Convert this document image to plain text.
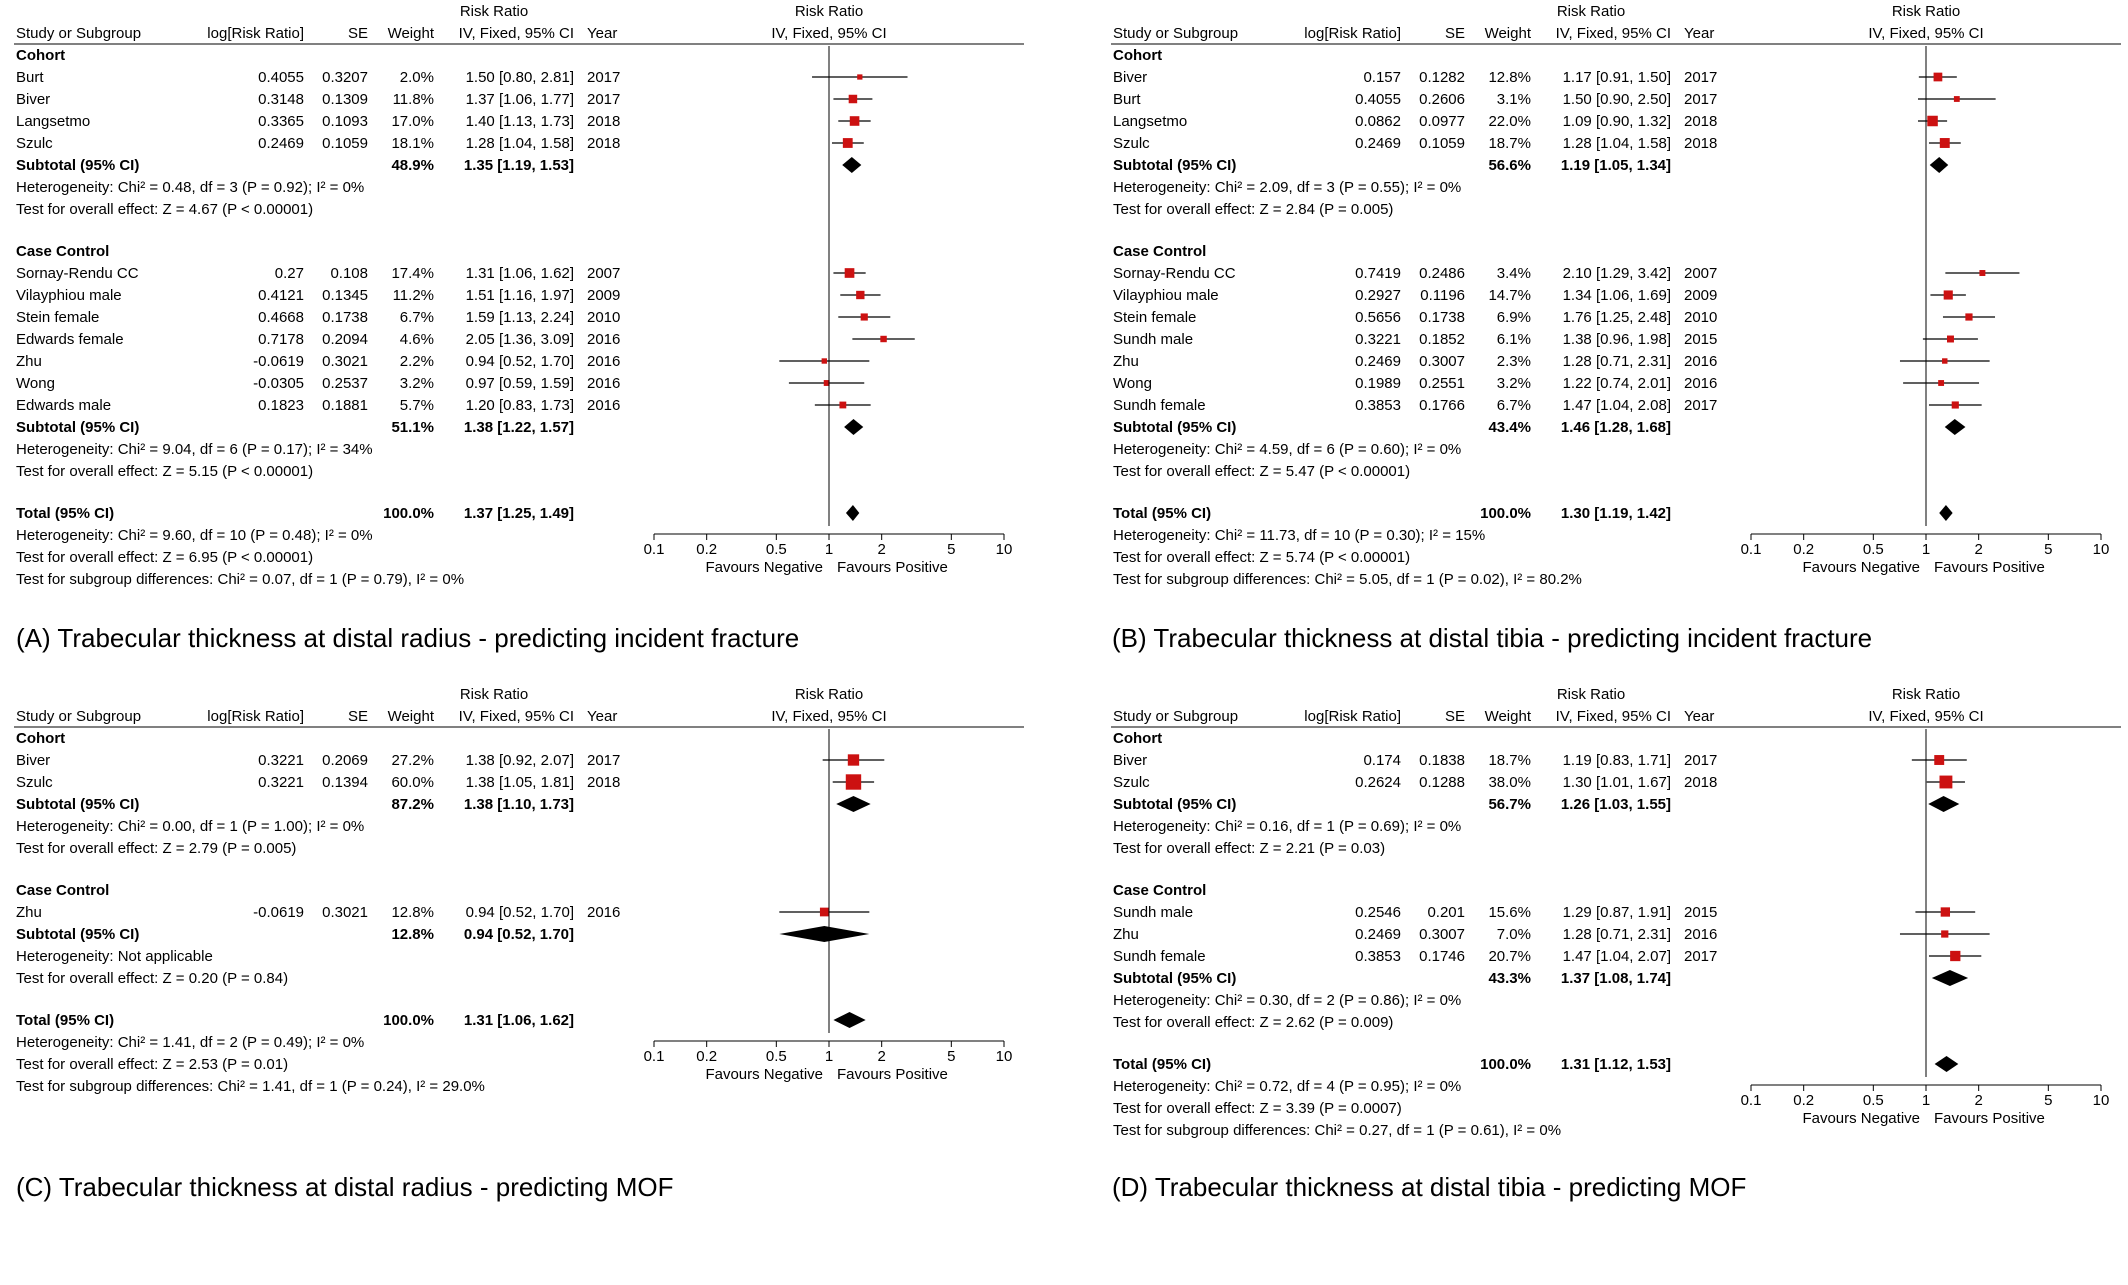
Risk Ratio	Risk Ratio
Study or Subgroup	log[Risk Ratio]	SE Weight IV, Fixed, 95% CI Year	IV, Fixed, 95% CI
Cohort
Burt	0.4055 0.3207 2.0% 1.50 [0.80, 2.81] 2017
Biver	0.3148 0.1309 11.8% 1.37 [1.06, 1.77] 2017
Langsetmo	0.3365 0.1093 17.0% 1.40 [1.13, 1.73] 2018
Szulc	0.2469 0.1059 18.1% 1.28 [1.04, 1.58] 2018
Subtotal (95% CI)	48.9% 1.35 [1.19, 1.53]
Heterogeneity: Chi² = 0.48, df = 3 (P = 0.92); I² = 0%
Test for overall effect: Z = 4.67 (P < 0.00001)
Case Control
Sornay-Rendu CC	0.27 0.108 17.4% 1.31 [1.06, 1.62] 2007
Vilayphiou male	0.4121 0.1345 11.2% 1.51 [1.16, 1.97] 2009
Stein female	0.4668 0.1738 6.7% 1.59 [1.13, 2.24] 2010
Edwards female	0.7178 0.2094 4.6% 2.05 [1.36, 3.09] 2016
Zhu	-0.0619 0.3021 2.2% 0.94 [0.52, 1.70] 2016
Wong	-0.0305 0.2537 3.2% 0.97 [0.59, 1.59] 2016
Edwards male	0.1823 0.1881 5.7% 1.20 [0.83, 1.73] 2016
Subtotal (95% CI)	51.1% 1.38 [1.22, 1.57]
Heterogeneity: Chi² = 9.04, df = 6 (P = 0.17); I² = 34%
Test for overall effect: Z = 5.15 (P < 0.00001)
Total (95% CI)	100.0% 1.37 [1.25, 1.49]
0.1 0.2	0.5	1	2	5	10
Favours Negative Favours Positive
Heterogeneity: Chi² = 9.60, df = 10 (P = 0.48); I² = 0%
Test for overall effect: Z = 6.95 (P < 0.00001)
Test for subgroup differences: Chi² = 0.07, df = 1 (P = 0.79), I² = 0%
(A) Trabecular thickness at distal radius - predicting incident fracture
Risk Ratio	Risk Ratio
Study or Subgroup	log[Risk Ratio]	SE Weight IV, Fixed, 95% CI Year	IV, Fixed, 95% CI
Cohort
Biver	0.157 0.1282 12.8% 1.17 [0.91, 1.50] 2017
Burt	0.4055 0.2606 3.1% 1.50 [0.90, 2.50] 2017
Langsetmo	0.0862 0.0977 22.0% 1.09 [0.90, 1.32] 2018
Szulc	0.2469 0.1059 18.7% 1.28 [1.04, 1.58] 2018
Subtotal (95% CI)	56.6% 1.19 [1.05, 1.34]
Heterogeneity: Chi² = 2.09, df = 3 (P = 0.55); I² = 0%
Test for overall effect: Z = 2.84 (P = 0.005)
Case Control
Sornay-Rendu CC	0.7419 0.2486 3.4% 2.10 [1.29, 3.42] 2007
Vilayphiou male	0.2927 0.1196 14.7% 1.34 [1.06, 1.69] 2009
Stein female	0.5656 0.1738 6.9% 1.76 [1.25, 2.48] 2010
Sundh male	0.3221 0.1852 6.1% 1.38 [0.96, 1.98] 2015
Zhu	0.2469 0.3007 2.3% 1.28 [0.71, 2.31] 2016
Wong	0.1989 0.2551 3.2% 1.22 [0.74, 2.01] 2016
Sundh female	0.3853 0.1766 6.7% 1.47 [1.04, 2.08] 2017
Subtotal (95% CI)	43.4% 1.46 [1.28, 1.68]
Heterogeneity: Chi² = 4.59, df = 6 (P = 0.60); I² = 0%
Test for overall effect: Z = 5.47 (P < 0.00001)
Total (95% CI)	100.0% 1.30 [1.19, 1.42]
0.1 0.2	0.5	1	2	5	10
Favours Negative Favours Positive
Heterogeneity: Chi² = 11.73, df = 10 (P = 0.30); I² = 15%
Test for overall effect: Z = 5.74 (P < 0.00001)
Test for subgroup differences: Chi² = 5.05, df = 1 (P = 0.02), I² = 80.2%
(B) Trabecular thickness at distal tibia - predicting incident fracture
Risk Ratio	Risk Ratio
Study or Subgroup	log[Risk Ratio]	SE Weight IV, Fixed, 95% CI Year	IV, Fixed, 95% CI
Cohort
Biver	0.3221 0.2069 27.2% 1.38 [0.92, 2.07] 2017
Szulc	0.3221 0.1394 60.0% 1.38 [1.05, 1.81] 2018
Subtotal (95% CI)	87.2% 1.38 [1.10, 1.73]
Heterogeneity: Chi² = 0.00, df = 1 (P = 1.00); I² = 0%
Test for overall effect: Z = 2.79 (P = 0.005)
Case Control
Zhu	-0.0619 0.3021 12.8% 0.94 [0.52, 1.70] 2016
Subtotal (95% CI)	12.8% 0.94 [0.52, 1.70]
Heterogeneity: Not applicable
Test for overall effect: Z = 0.20 (P = 0.84)
Total (95% CI)	100.0% 1.31 [1.06, 1.62]
0.1 0.2	0.5	1	2	5	10
Favours Negative Favours Positive
Heterogeneity: Chi² = 1.41, df = 2 (P = 0.49); I² = 0%
Test for overall effect: Z = 2.53 (P = 0.01)
Test for subgroup differences: Chi² = 1.41, df = 1 (P = 0.24), I² = 29.0%
(C) Trabecular thickness at distal radius - predicting MOF
Risk Ratio	Risk Ratio
Study or Subgroup	log[Risk Ratio]	SE Weight IV, Fixed, 95% CI Year	IV, Fixed, 95% CI
Cohort
Biver	0.174 0.1838 18.7% 1.19 [0.83, 1.71] 2017
Szulc	0.2624 0.1288 38.0% 1.30 [1.01, 1.67] 2018
Subtotal (95% CI)	56.7% 1.26 [1.03, 1.55]
Heterogeneity: Chi² = 0.16, df = 1 (P = 0.69); I² = 0%
Test for overall effect: Z = 2.21 (P = 0.03)
Case Control
Sundh male	0.2546 0.201 15.6% 1.29 [0.87, 1.91] 2015
Zhu	0.2469 0.3007 7.0% 1.28 [0.71, 2.31] 2016
Sundh female	0.3853 0.1746 20.7% 1.47 [1.04, 2.07] 2017
Subtotal (95% CI)	43.3% 1.37 [1.08, 1.74]
Heterogeneity: Chi² = 0.30, df = 2 (P = 0.86); I² = 0%
Test for overall effect: Z = 2.62 (P = 0.009)
Total (95% CI)	100.0% 1.31 [1.12, 1.53]
0.1 0.2	0.5	1	2	5	10
Favours Negative Favours Positive
Heterogeneity: Chi² = 0.72, df = 4 (P = 0.95); I² = 0%
Test for overall effect: Z = 3.39 (P = 0.0007)
Test for subgroup differences: Chi² = 0.27, df = 1 (P = 0.61), I² = 0%
(D) Trabecular thickness at distal tibia - predicting MOF
